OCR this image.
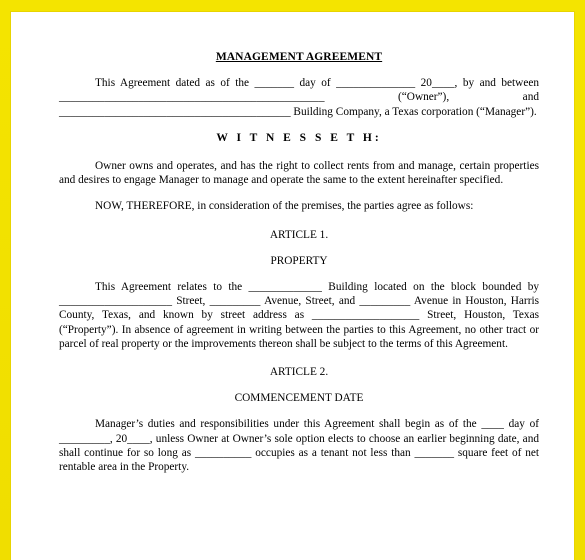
MANAGEMENT AGREEMENT

This Agreement dated as of the _______ day of ______________ 20____, by and between _______________________________________________ (“Owner”), and _________________________________________ Building Company, a Texas corporation (“Manager”).

W I T N E S S E T H:

Owner owns and operates, and has the right to collect rents from and manage, certain properties and desires to engage Manager to manage and operate the same to the extent hereinafter specified.

NOW, THEREFORE, in consideration of the premises, the parties agree as follows:

ARTICLE 1.

PROPERTY

This Agreement relates to the _____________ Building located on the block bounded by ____________________ Street, _________ Avenue, Street, and _________ Avenue in Houston, Harris County, Texas, and known by street address as ___________________ Street, Houston, Texas (“Property”). In absence of agreement in writing between the parties to this Agreement, no other tract or parcel of real property or the improvements thereon shall be subject to the terms of this Agreement.

ARTICLE 2.

COMMENCEMENT DATE

Manager’s duties and responsibilities under this Agreement shall begin as of the ____ day of _________, 20____, unless Owner at Owner’s sole option elects to choose an earlier beginning date, and shall continue for so long as __________ occupies as a tenant not less than _______ square feet of net rentable area in the Property.
